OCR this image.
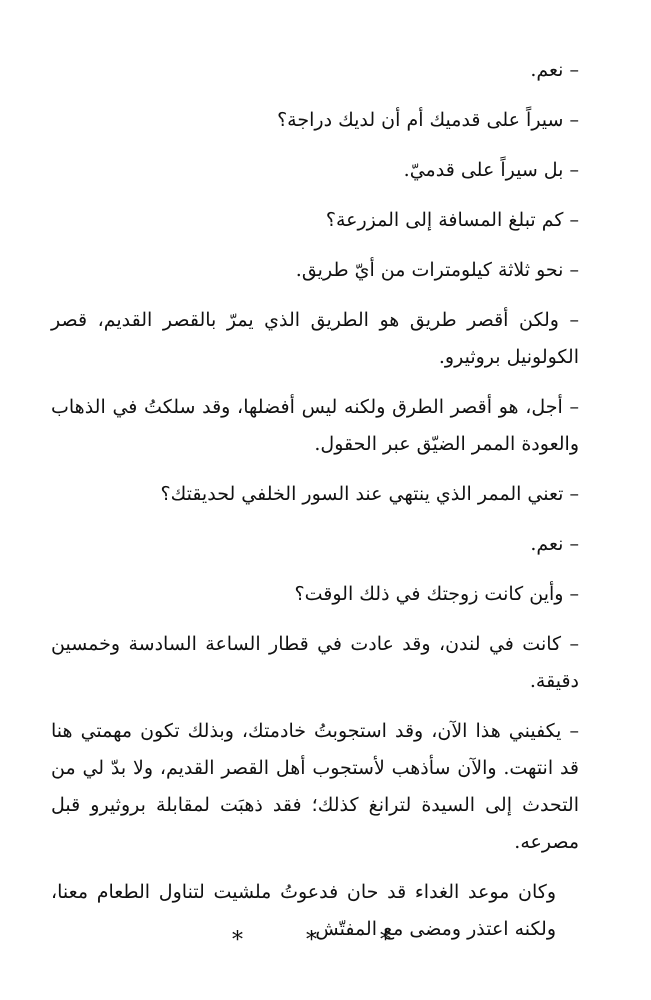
– نعم.

– سيراً على قدميك أم أن لديك دراجة؟

– بل سيراً على قدميّ.

– كم تبلغ المسافة إلى المزرعة؟

– نحو ثلاثة كيلومترات من أيّ طريق.

– ولكن أقصر طريق هو الطريق الذي يمرّ بالقصر القديم، قصر الكولونيل بروثيرو.

– أجل، هو أقصر الطرق ولكنه ليس أفضلها، وقد سلكتُ في الذهاب والعودة الممر الضيّق عبر الحقول.

– تعني الممر الذي ينتهي عند السور الخلفي لحديقتك؟

– نعم.

– وأين كانت زوجتك في ذلك الوقت؟

– كانت في لندن، وقد عادت في قطار الساعة السادسة وخمسين دقيقة.

– يكفيني هذا الآن، وقد استجوبتُ خادمتك، وبذلك تكون مهمتي هنا قد انتهت. والآن سأذهب لأستجوب أهل القصر القديم، ولا بدّ لي من التحدث إلى السيدة لترانغ كذلك؛ فقد ذهبَت لمقابلة بروثيرو قبل مصرعه.

وكان موعد الغداء قد حان فدعوتُ ملشيت لتناول الطعام معنا، ولكنه اعتذر ومضى مع المفتّش.

* * *
